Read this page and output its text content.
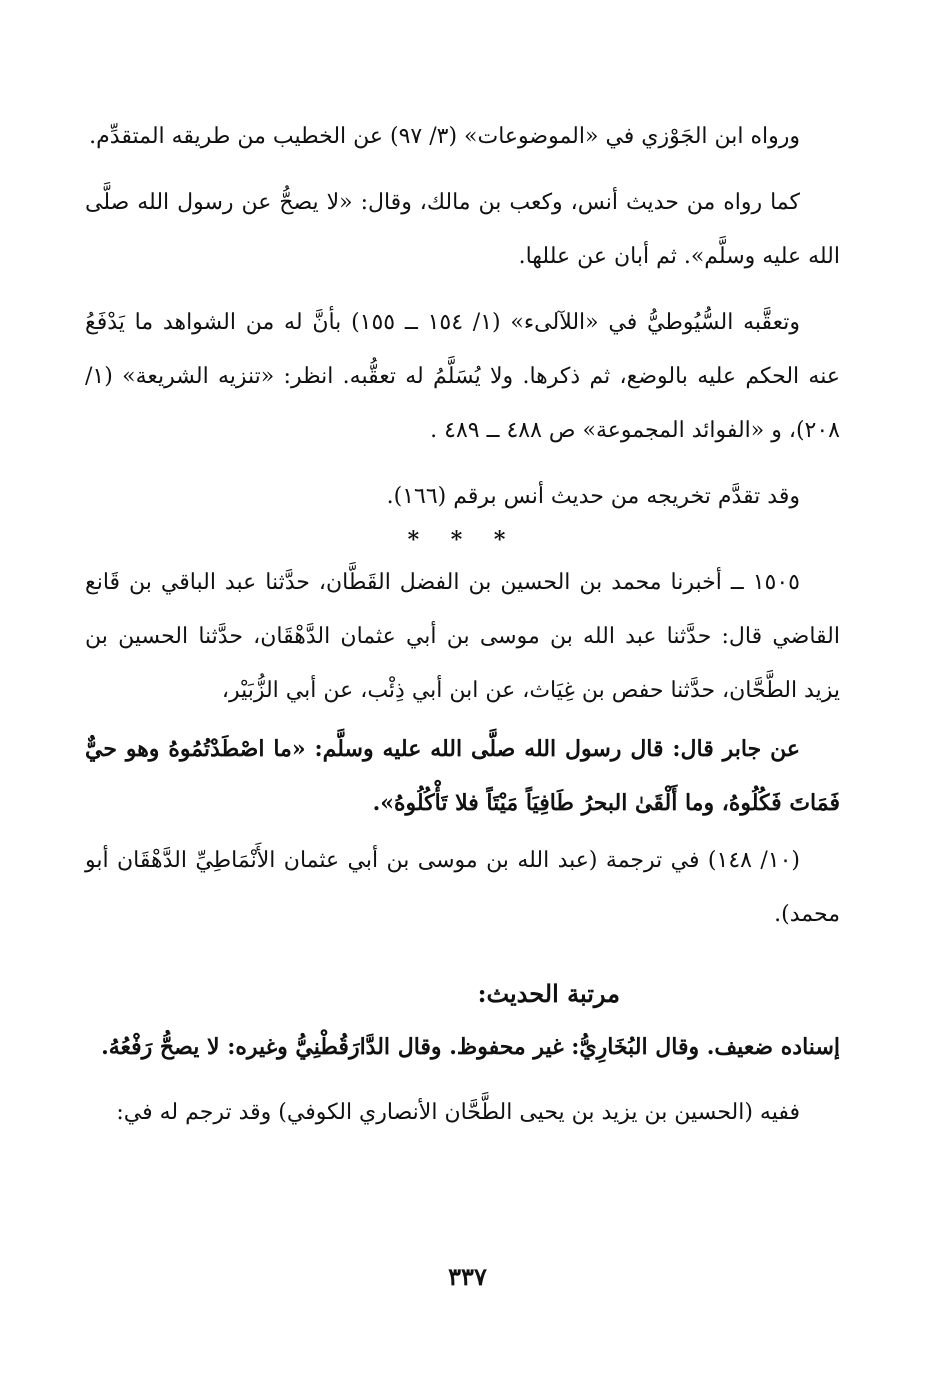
ورواه ابن الجَوْزي في «الموضوعات» (٣/ ٩٧) عن الخطيب من طريقه المتقدِّم.

كما رواه من حديث أنس، وكعب بن مالك، وقال: «لا يصحُّ عن رسول الله صلَّى الله عليه وسلَّم». ثم أبان عن عللها.

وتعقَّبه السُّيُوطيُّ في «اللآلىء» (١/ ١٥٤ ــ ١٥٥) بأنَّ له من الشواهد ما يَدْفَعُ عنه الحكم عليه بالوضع، ثم ذكرها. ولا يُسَلَّمُ له تعقُّبه. انظر: «تنزيه الشريعة» (١/ ٢٠٨)، و «الفوائد المجموعة» ص ٤٨٨ ــ ٤٨٩ .

وقد تقدَّم تخريجه من حديث أنس برقم (١٦٦).

* * *

١٥٠٥ ــ أخبرنا محمد بن الحسين بن الفضل القَطَّان، حدَّثنا عبد الباقي بن قَانع القاضي قال: حدَّثنا عبد الله بن موسى بن أبي عثمان الدَّهْقَان، حدَّثنا الحسين بن يزيد الطَّحَّان، حدَّثنا حفص بن غِيَاث، عن ابن أبي ذِئْب، عن أبي الزُّبَيْر،

عن جابر قال: قال رسول الله صلَّى الله عليه وسلَّم: «ما اصْطَدْتُمُوهُ وهو حيٌّ فَمَاتَ فَكُلُوهُ، وما أَلْقَىٰ البحرُ طَافِيَاً مَيْتَاً فلا تَأْكُلُوهُ».

(١٠/ ١٤٨) في ترجمة (عبد الله بن موسى بن أبي عثمان الأَنْمَاطِيِّ الدَّهْقَان أبو محمد).

مرتبة الحديث:

إسناده ضعيف. وقال البُخَارِيُّ: غير محفوظ. وقال الدَّارَقُطْنِيُّ وغيره: لا يصحُّ رَفْعُهُ.

ففيه (الحسين بن يزيد بن يحيى الطَّحَّان الأنصاري الكوفي) وقد ترجم له في:

٣٣٧
